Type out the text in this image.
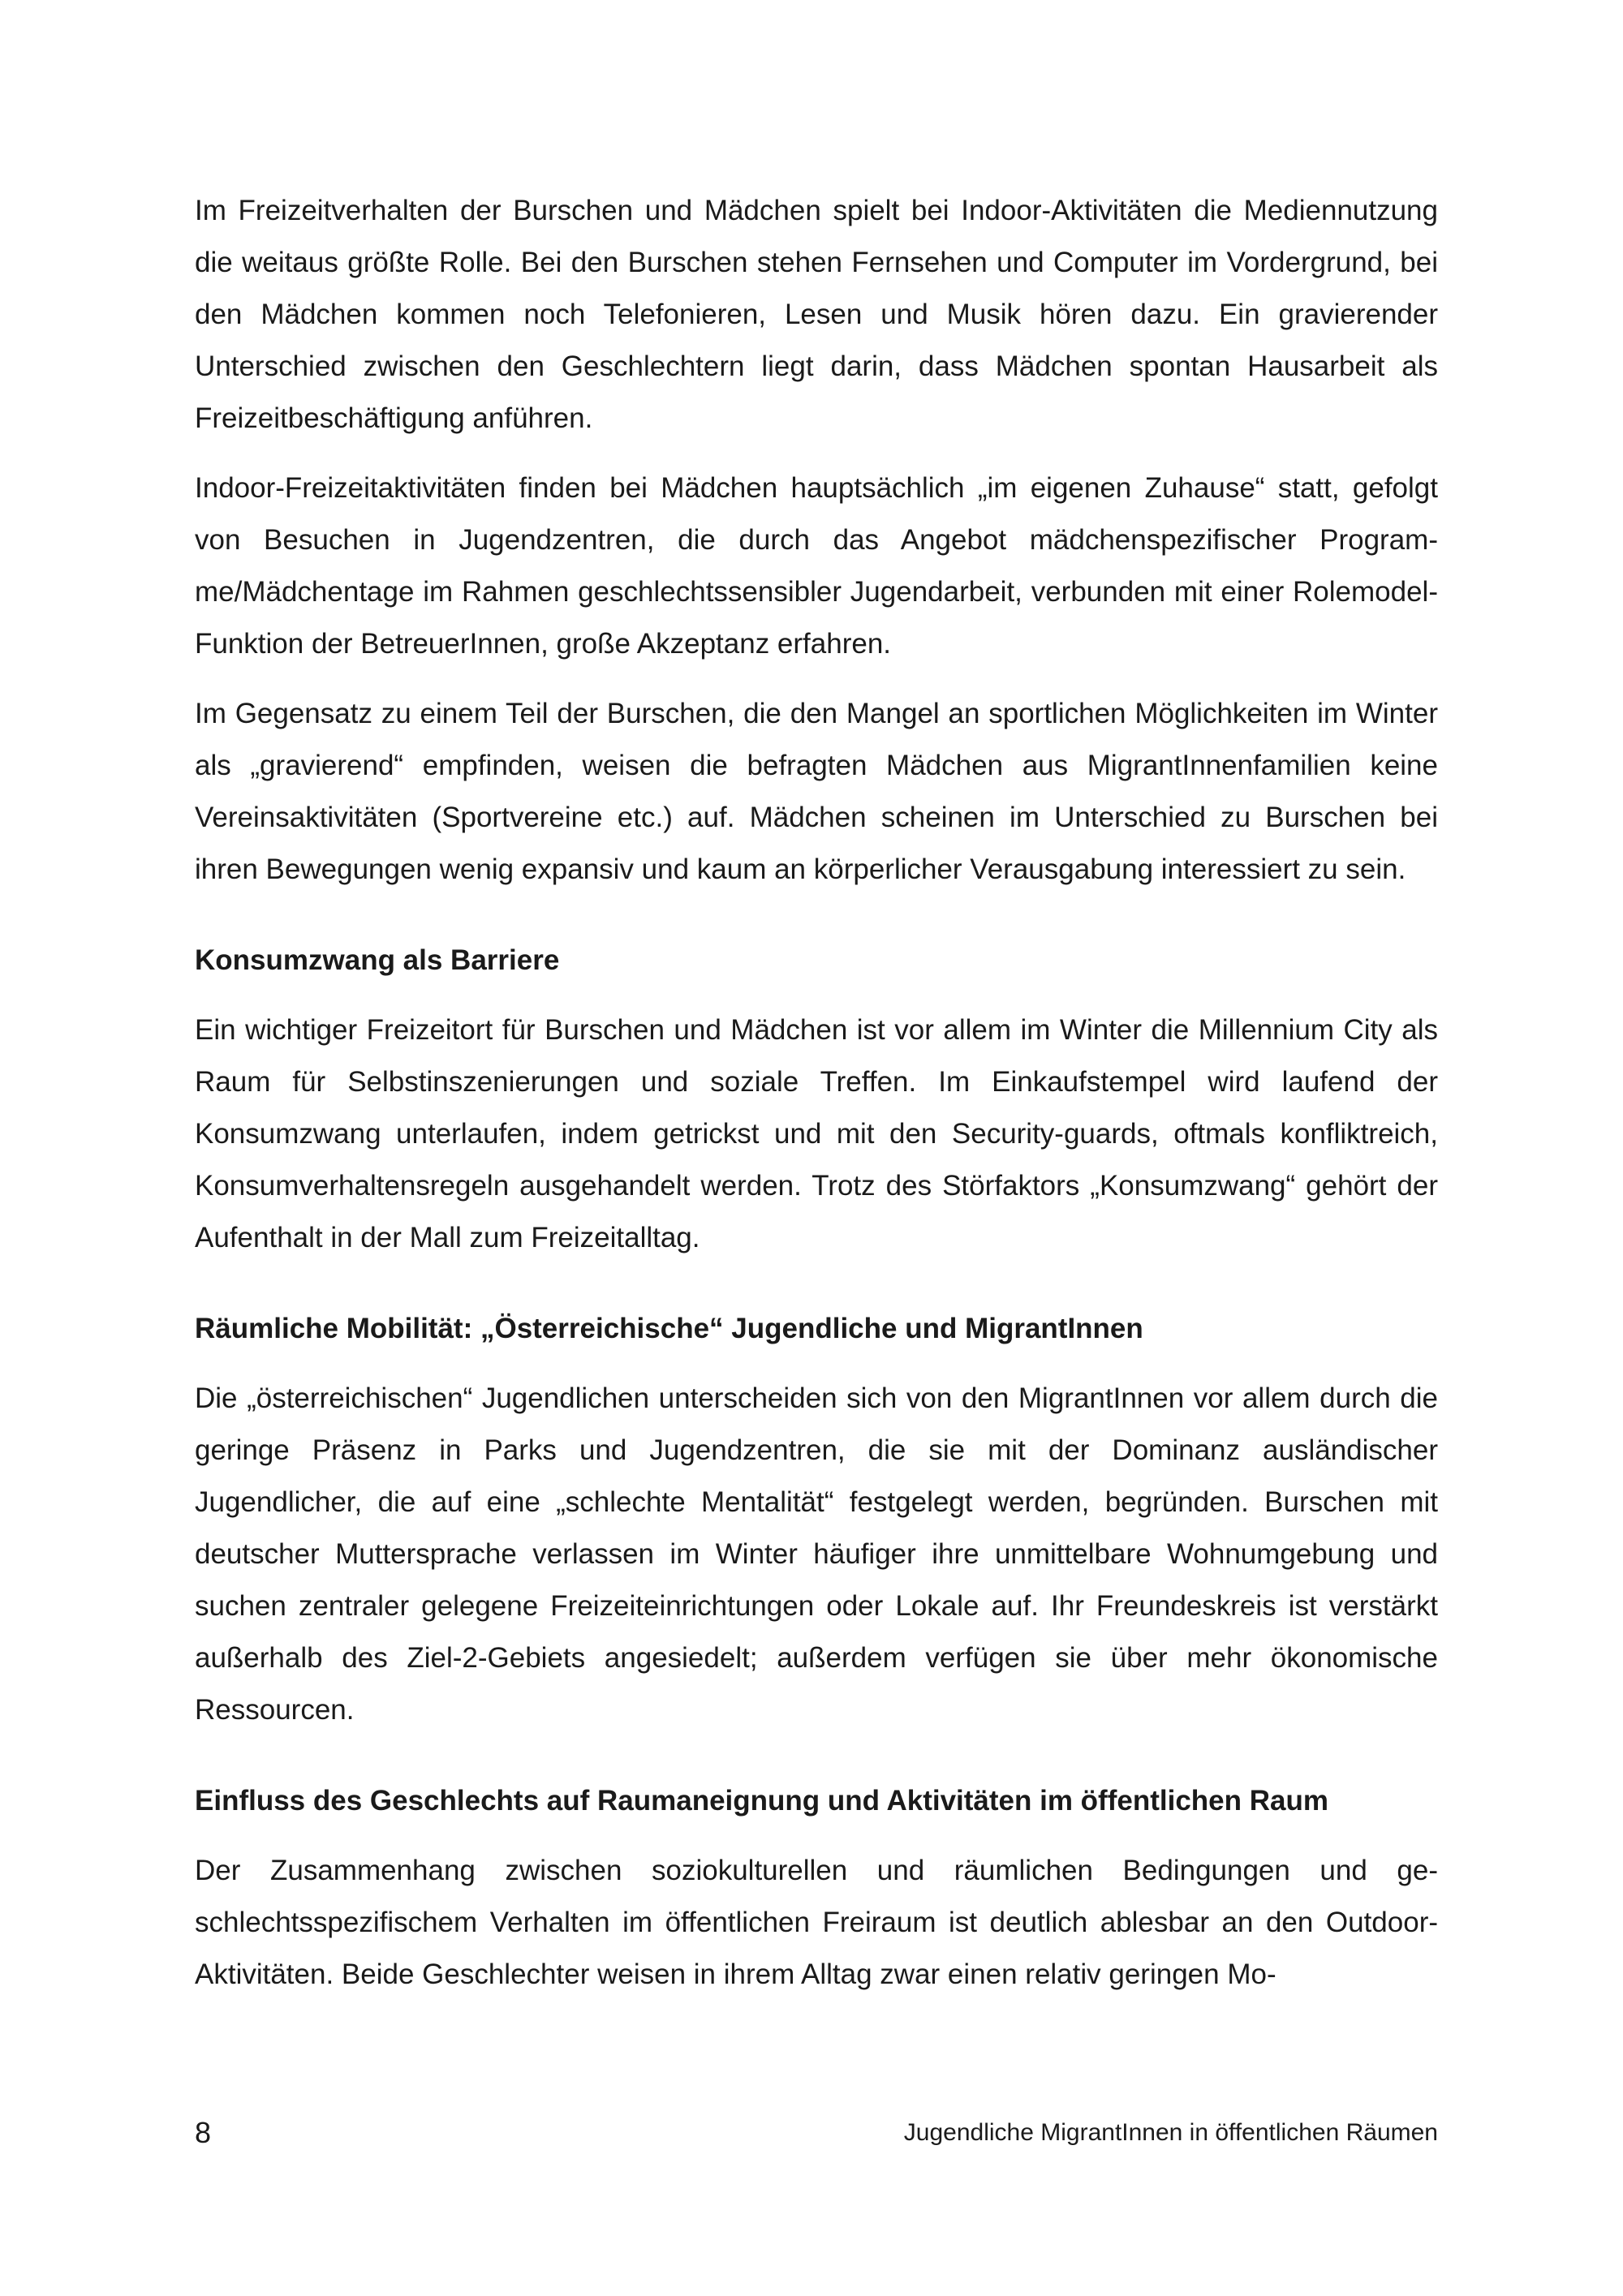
Im Freizeitverhalten der Burschen und Mädchen spielt bei Indoor-Aktivitäten die Mediennutzung die weitaus größte Rolle. Bei den Burschen stehen Fernsehen und Computer im Vordergrund, bei den Mädchen kommen noch Telefonieren, Lesen und Musik hören dazu. Ein gravierender Unterschied zwischen den Geschlechtern liegt darin, dass Mädchen spontan Hausarbeit als Freizeitbeschäftigung anführen.

Indoor-Freizeitaktivitäten finden bei Mädchen hauptsächlich „im eigenen Zuhause“ statt, gefolgt von Besuchen in Jugendzentren, die durch das Angebot mädchenspezifischer Programme/Mädchentage im Rahmen geschlechtssensibler Jugendarbeit, verbunden mit einer Rolemodel-Funktion der BetreuerInnen, große Akzeptanz erfahren.

Im Gegensatz zu einem Teil der Burschen, die den Mangel an sportlichen Möglichkeiten im Winter als „gravierend“ empfinden, weisen die befragten Mädchen aus MigrantInnenfamilien keine Vereinsaktivitäten (Sportvereine etc.) auf. Mädchen scheinen im Unterschied zu Burschen bei ihren Bewegungen wenig expansiv und kaum an körperlicher Verausgabung interessiert zu sein.

Konsumzwang als Barriere

Ein wichtiger Freizeitort für Burschen und Mädchen ist vor allem im Winter die Millennium City als Raum für Selbstinszenierungen und soziale Treffen. Im Einkaufstempel wird laufend der Konsumzwang unterlaufen, indem getrickst und mit den Security-guards, oftmals konfliktreich, Konsumverhaltensregeln ausgehandelt werden. Trotz des Störfaktors „Konsumzwang“ gehört der Aufenthalt in der Mall zum Freizeitalltag.

Räumliche Mobilität: „Österreichische“ Jugendliche und MigrantInnen

Die „österreichischen“ Jugendlichen unterscheiden sich von den MigrantInnen vor allem durch die geringe Präsenz in Parks und Jugendzentren, die sie mit der Dominanz ausländischer Jugendlicher, die auf eine „schlechte Mentalität“ festgelegt werden, begründen. Burschen mit deutscher Muttersprache verlassen im Winter häufiger ihre unmittelbare Wohnumgebung und suchen zentraler gelegene Freizeiteinrichtungen oder Lokale auf. Ihr Freundeskreis ist verstärkt außerhalb des Ziel-2-Gebiets angesiedelt; außerdem verfügen sie über mehr ökonomische Ressourcen.

Einfluss des Geschlechts auf Raumaneignung und Aktivitäten im öffentlichen Raum

Der Zusammenhang zwischen soziokulturellen und räumlichen Bedingungen und geschlechtsspezifischem Verhalten im öffentlichen Freiraum ist deutlich ablesbar an den Outdoor-Aktivitäten. Beide Geschlechter weisen in ihrem Alltag zwar einen relativ geringen Mo-

8	Jugendliche MigrantInnen in öffentlichen Räumen
